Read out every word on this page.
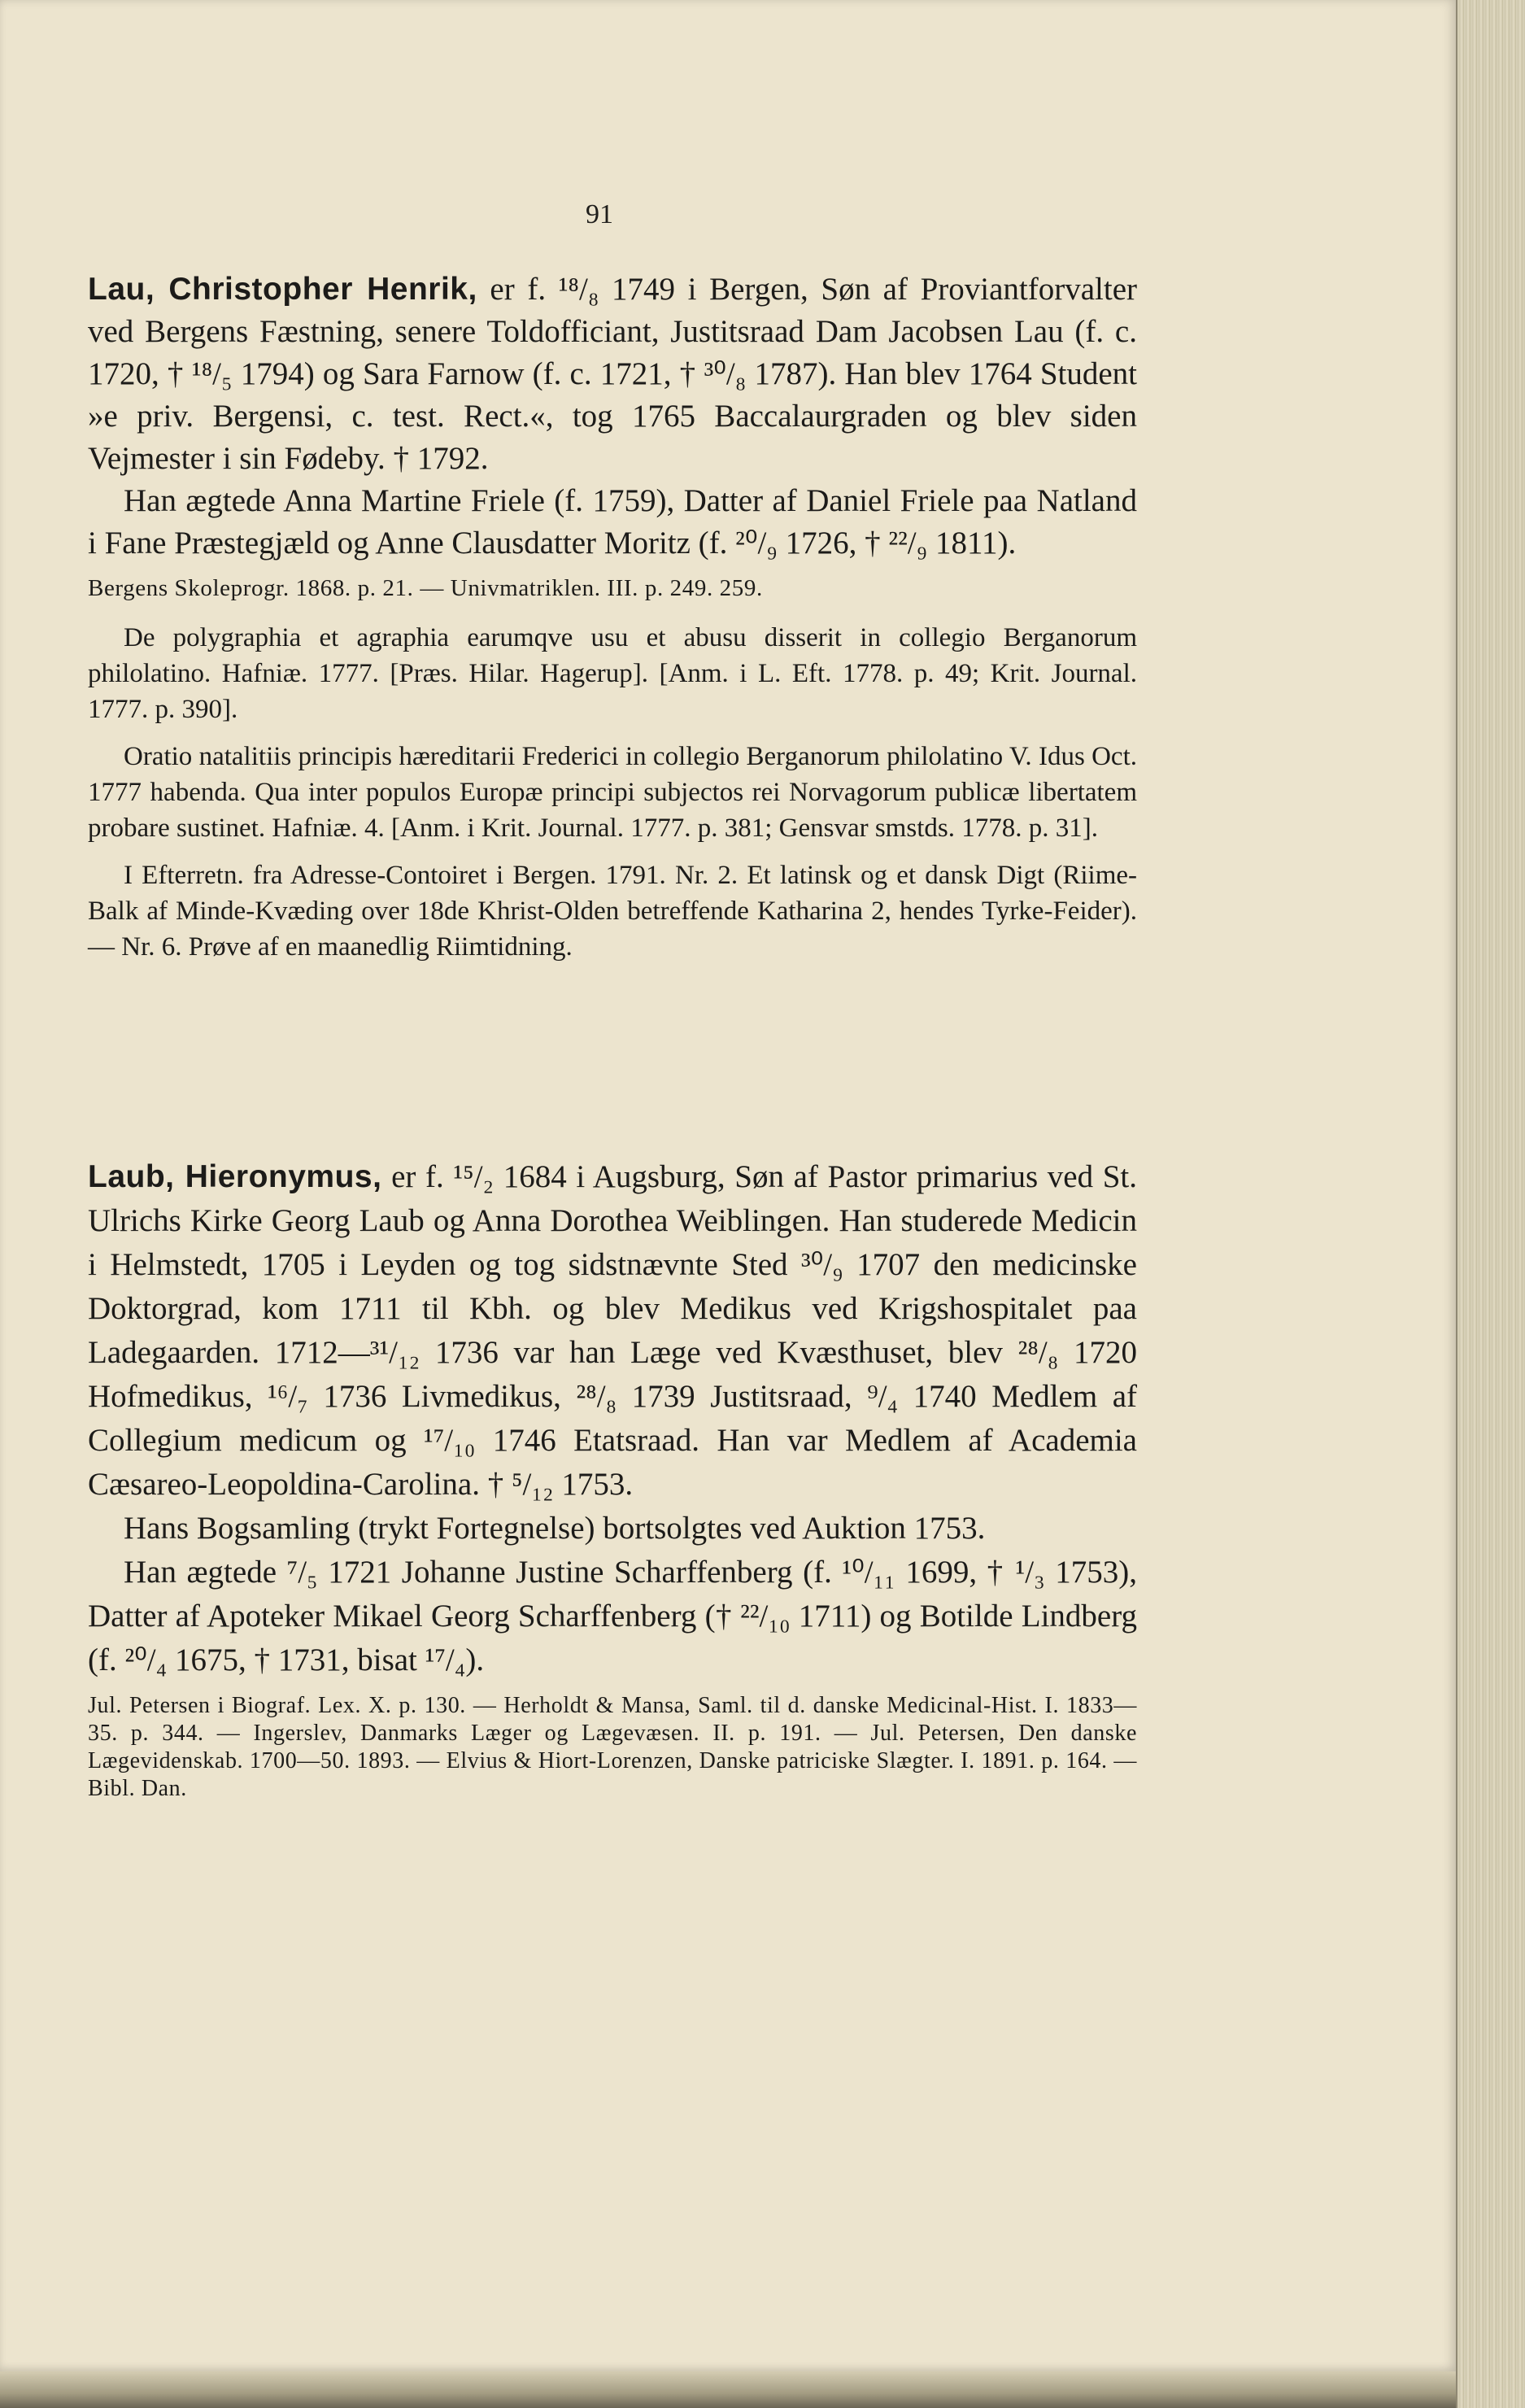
91

Lau, Christopher Henrik, er f. ¹⁸/₈ 1749 i Bergen, Søn af Proviantforvalter ved Bergens Fæstning, senere Toldofficiant, Justitsraad Dam Jacobsen Lau (f. c. 1720, † ¹⁸/₅ 1794) og Sara Farnow (f. c. 1721, † ³⁰/₈ 1787). Han blev 1764 Student »e priv. Bergensi, c. test. Rect.«, tog 1765 Baccalaurgraden og blev siden Vejmester i sin Fødeby. † 1792.

Han ægtede Anna Martine Friele (f. 1759), Datter af Daniel Friele paa Natland i Fane Præstegjæld og Anne Clausdatter Moritz (f. ²⁰/₉ 1726, † ²²/₉ 1811).

Bergens Skoleprogr. 1868. p. 21. — Univmatriklen. III. p. 249. 259.

De polygraphia et agraphia earumqve usu et abusu disserit in collegio Berganorum philolatino. Hafniæ. 1777. [Præs. Hilar. Hagerup]. [Anm. i L. Eft. 1778. p. 49; Krit. Journal. 1777. p. 390].

Oratio natalitiis principis hæreditarii Frederici in collegio Berganorum philolatino V. Idus Oct. 1777 habenda. Qua inter populos Europæ principi subjectos rei Norvagorum publicæ libertatem probare sustinet. Hafniæ. 4. [Anm. i Krit. Journal. 1777. p. 381; Gensvar smstds. 1778. p. 31].

I Efterretn. fra Adresse-Contoiret i Bergen. 1791. Nr. 2. Et latinsk og et dansk Digt (Riime-Balk af Minde-Kvæding over 18de Khrist-Olden betreffende Katharina 2, hendes Tyrke-Feider). — Nr. 6. Prøve af en maanedlig Riimtidning.

Laub, Hieronymus, er f. ¹⁵/₂ 1684 i Augsburg, Søn af Pastor primarius ved St. Ulrichs Kirke Georg Laub og Anna Dorothea Weiblingen. Han studerede Medicin i Helmstedt, 1705 i Leyden og tog sidstnævnte Sted ³⁰/₉ 1707 den medicinske Doktorgrad, kom 1711 til Kbh. og blev Medikus ved Krigshospitalet paa Ladegaarden. 1712—³¹/₁₂ 1736 var han Læge ved Kvæsthuset, blev ²⁸/₈ 1720 Hofmedikus, ¹⁶/₇ 1736 Livmedikus, ²⁸/₈ 1739 Justitsraad, ⁹/₄ 1740 Medlem af Collegium medicum og ¹⁷/₁₀ 1746 Etatsraad. Han var Medlem af Academia Cæsareo-Leopoldina-Carolina. † ⁵/₁₂ 1753.

Hans Bogsamling (trykt Fortegnelse) bortsolgtes ved Auktion 1753.

Han ægtede ⁷/₅ 1721 Johanne Justine Scharffenberg (f. ¹⁰/₁₁ 1699, † ¹/₃ 1753), Datter af Apoteker Mikael Georg Scharffenberg († ²²/₁₀ 1711) og Botilde Lindberg (f. ²⁰/₄ 1675, † 1731, bisat ¹⁷/₄).

Jul. Petersen i Biograf. Lex. X. p. 130. — Herholdt & Mansa, Saml. til d. danske Medicinal-Hist. I. 1833—35. p. 344. — Ingerslev, Danmarks Læger og Lægevæsen. II. p. 191. — Jul. Petersen, Den danske Lægevidenskab. 1700—50. 1893. — Elvius & Hiort-Lorenzen, Danske patriciske Slægter. I. 1891. p. 164. — Bibl. Dan.
